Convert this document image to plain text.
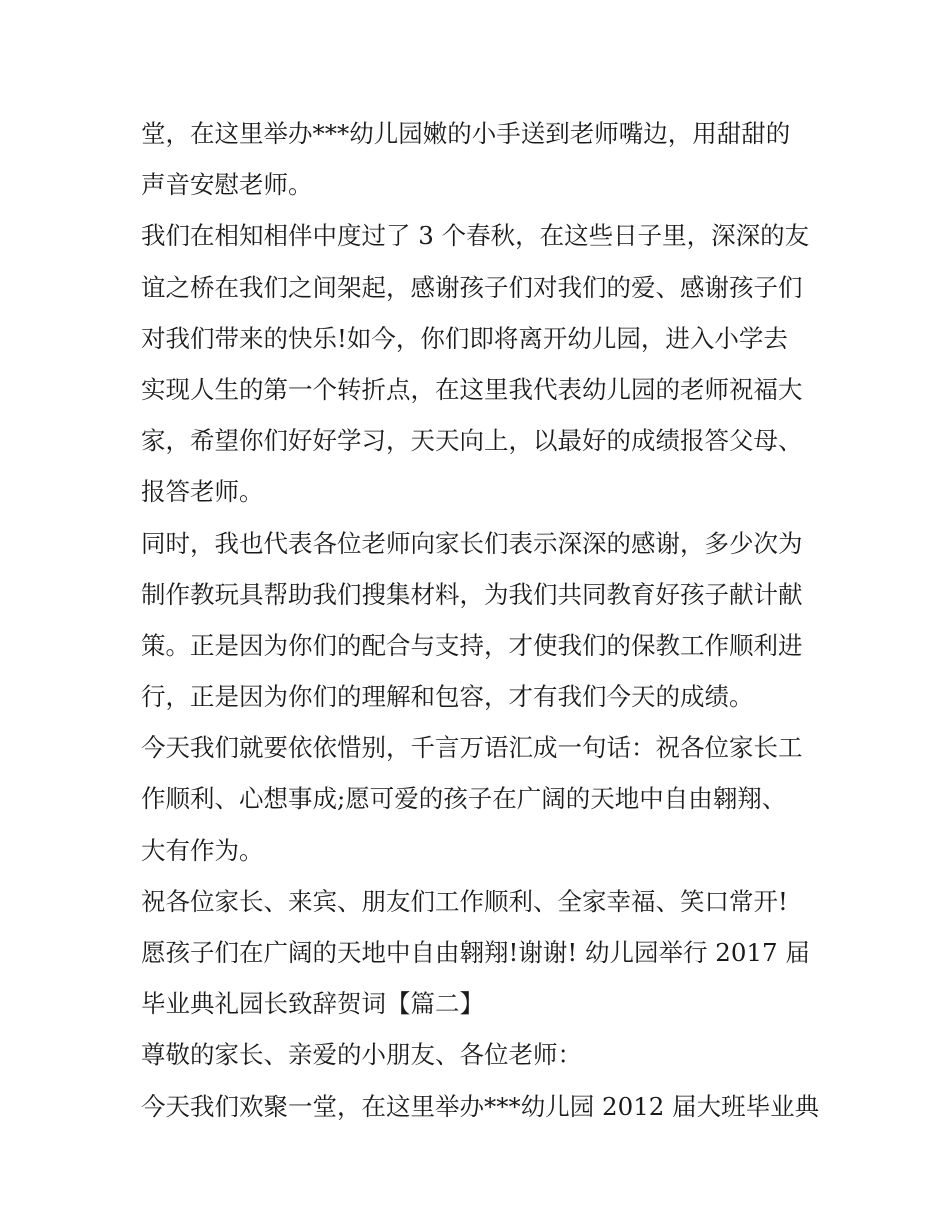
堂，在这里举办***幼儿园嫩的小手送到老师嘴边，用甜甜的
声音安慰老师。
我们在相知相伴中度过了 3 个春秋，在这些日子里，深深的友
谊之桥在我们之间架起，感谢孩子们对我们的爱、感谢孩子们
对我们带来的快乐!如今，你们即将离开幼儿园，进入小学去
实现人生的第一个转折点，在这里我代表幼儿园的老师祝福大
家，希望你们好好学习，天天向上，以最好的成绩报答父母、
报答老师。
同时，我也代表各位老师向家长们表示深深的感谢，多少次为
制作教玩具帮助我们搜集材料，为我们共同教育好孩子献计献
策。正是因为你们的配合与支持，才使我们的保教工作顺利进
行，正是因为你们的理解和包容，才有我们今天的成绩。
今天我们就要依依惜别，千言万语汇成一句话：祝各位家长工
作顺利、心想事成;愿可爱的孩子在广阔的天地中自由翱翔、
大有作为。
祝各位家长、来宾、朋友们工作顺利、全家幸福、笑口常开!
愿孩子们在广阔的天地中自由翱翔!谢谢! 幼儿园举行 2017 届
毕业典礼园长致辞贺词【篇二】
尊敬的家长、亲爱的小朋友、各位老师：
今天我们欢聚一堂，在这里举办***幼儿园 2012 届大班毕业典
